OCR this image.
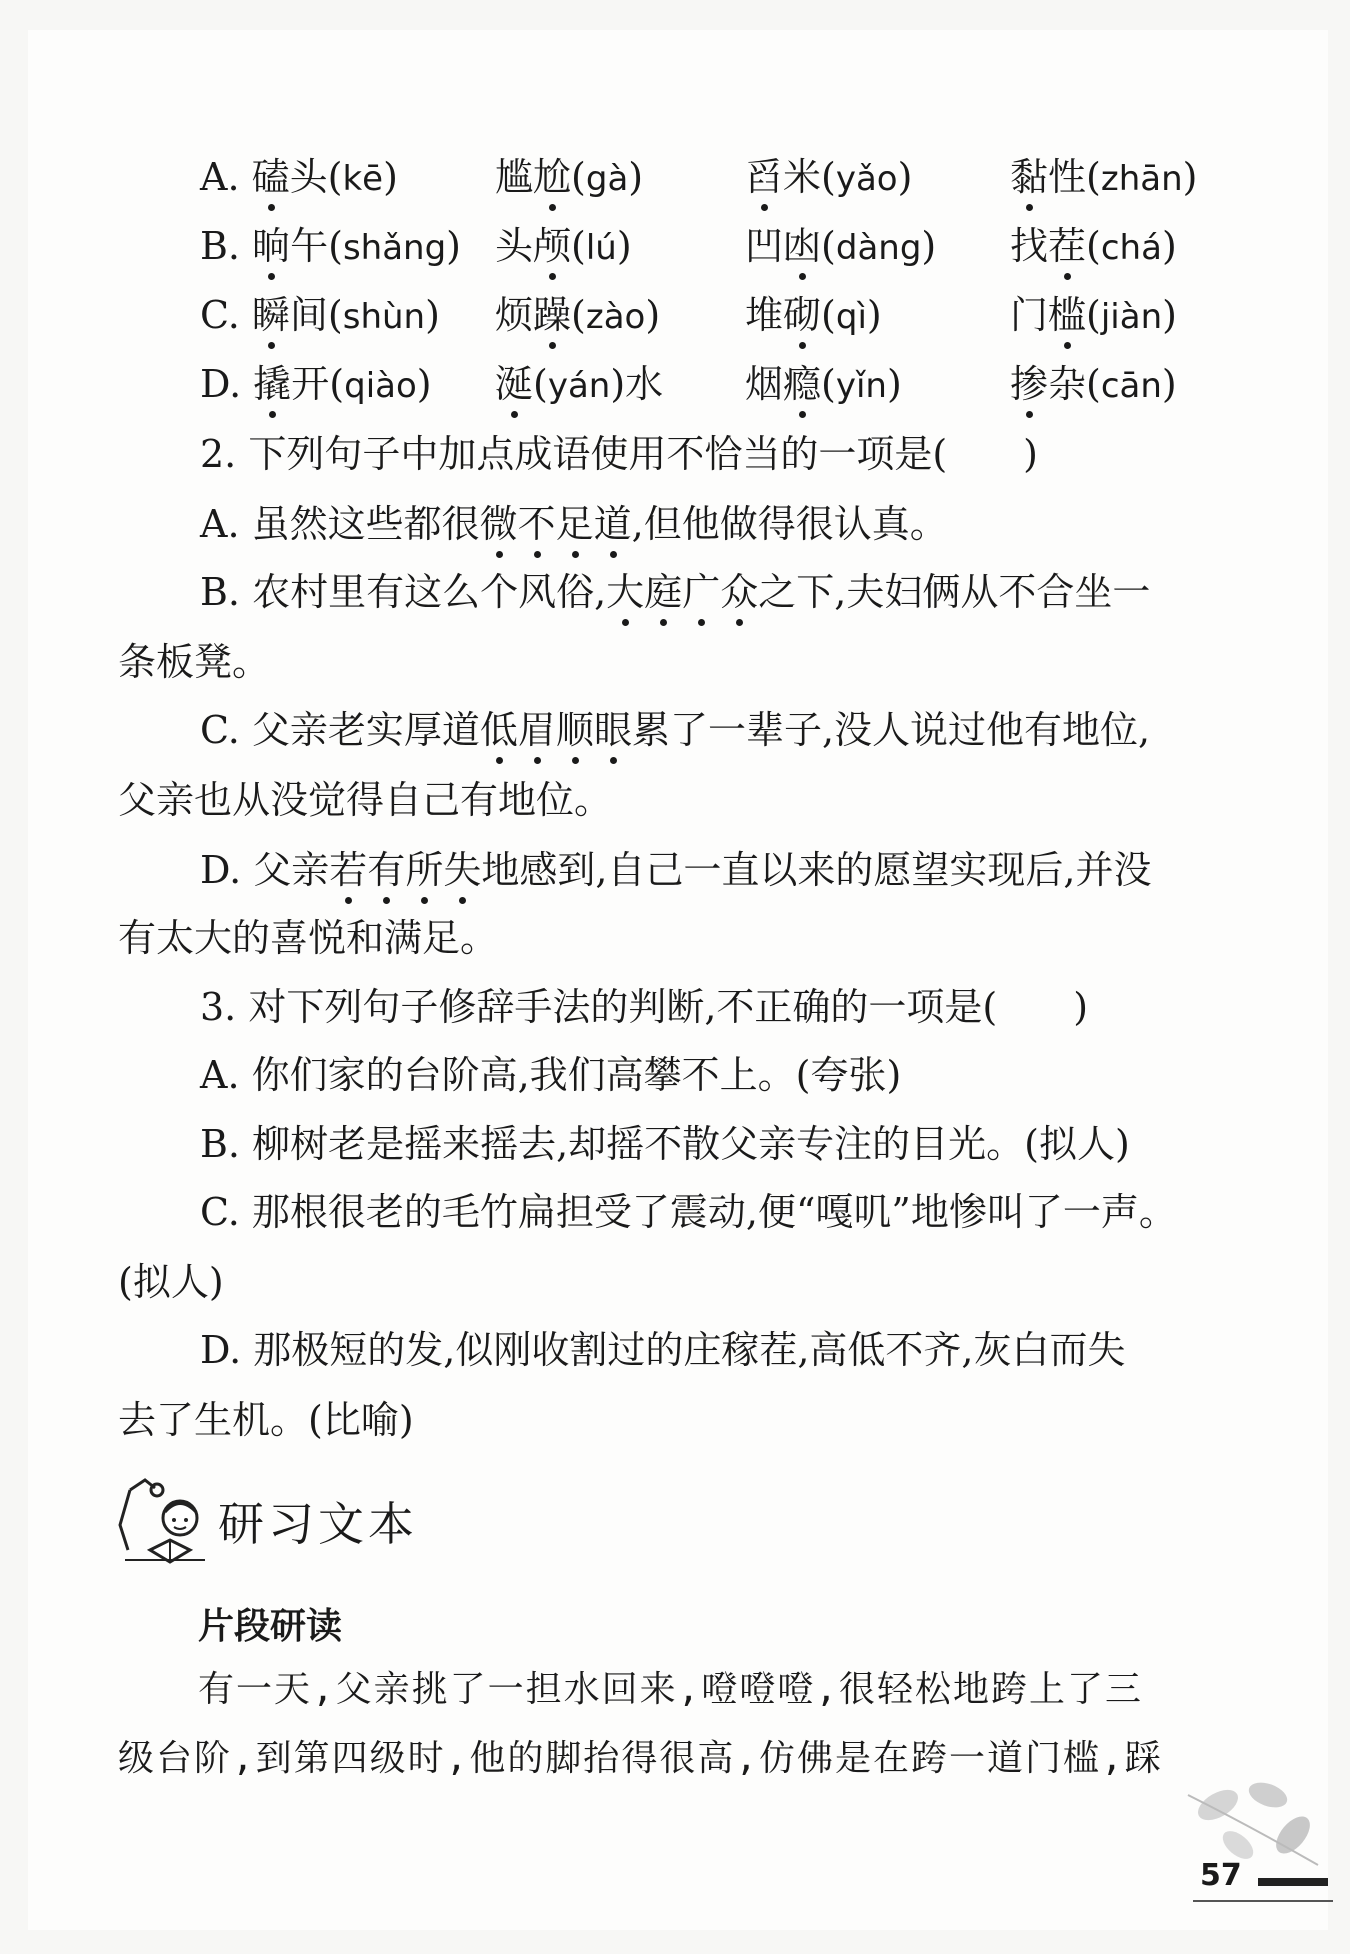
A. 磕头(kē)	尴尬(gà)	舀米(yǎo)	黏性(zhān)
B. 晌午(shǎng) 头颅(lú)	凹凼(dàng) 找茬(chá)
C. 瞬间(shùn) 烦躁(zào) 堆砌(qì)	门槛(jiàn)
D. 撬开(qiào) 涎(yán)水 烟瘾(yǐn)	掺杂(cān)
2. 下列句子中加点成语使用不恰当的一项是(　　)
A. 虽然这些都很微不足道,但他做得很认真。
B. 农村里有这么个风俗,大庭广众之下,夫妇俩从不合坐一
条板凳。
C. 父亲老实厚道低眉顺眼累了一辈子,没人说过他有地位,
父亲也从没觉得自己有地位。
D. 父亲若有所失地感到,自己一直以来的愿望实现后,并没
有太大的喜悦和满足。
3. 对下列句子修辞手法的判断,不正确的一项是(　　)
A. 你们家的台阶高,我们高攀不上。(夸张)
B. 柳树老是摇来摇去,却摇不散父亲专注的目光。(拟人)
C. 那根很老的毛竹扁担受了震动,便“嘎叽”地惨叫了一声。
(拟人)
D. 那极短的发,似刚收割过的庄稼茬,高低不齐,灰白而失
去了生机。(比喻)
研习文本
片段研读
有一天,父亲挑了一担水回来,噔噔噔,很轻松地跨上了三
级台阶,到第四级时,他的脚抬得很高,仿佛是在跨一道门槛,踩
57
